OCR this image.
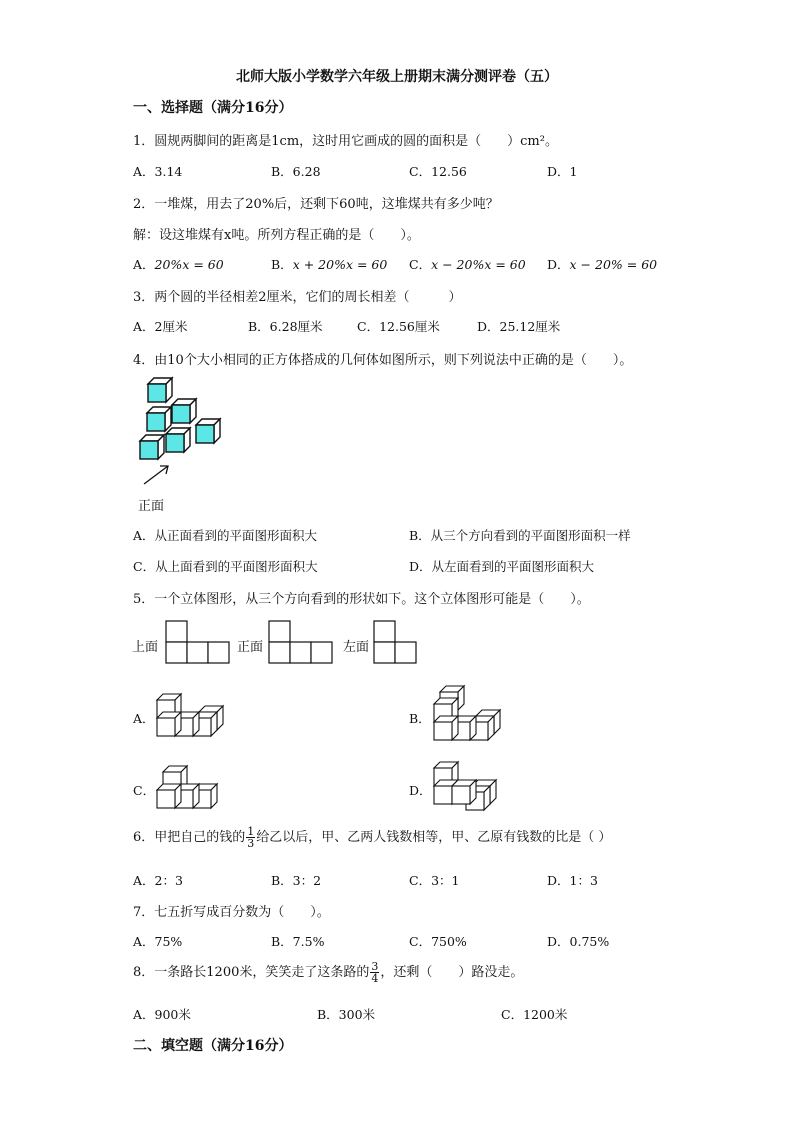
北师大版小学数学六年级上册期末满分测评卷（五）
一、选择题（满分16分）
1．圆规两脚间的距离是1cm，这时用它画成的圆的面积是（　　）cm²。
A．3.14	B．6.28	C．12.56	D．1
2．一堆煤，用去了20%后，还剩下60吨，这堆煤共有多少吨？
解：设这堆煤有x吨。所列方程正确的是（　　）。
A．20%x = 60	B．x + 20%x = 60 C．x − 20%x = 60 D．x − 20% = 60
3．两个圆的半径相差2厘米，它们的周长相差（　　　）
A．2厘米	B．6.28厘米	C．12.56厘米	D．25.12厘米
4．由10个大小相同的正方体搭成的几何体如图所示，则下列说法中正确的是（　　）。
正面
A．从正面看到的平面图形面积大	B．从三个方向看到的平面图形面积一样
C．从上面看到的平面图形面积大	D．从左面看到的平面图形面积大
5．一个立体图形，从三个方向看到的形状如下。这个立体图形可能是（　　）。
上面	正面	左面
A．	B．
C．	D．
6．甲把自己的钱的 $\frac{1}{3}$ 给乙以后，甲、乙两人钱数相等，甲、乙原有钱数的比是（ ）
A．2：3	B．3：2	C．3：1	D．1：3
7．七五折写成百分数为（　　）。
A．75%	B．7.5%	C．750%	D．0.75%
8．一条路长1200米，笑笑走了这条路的 $\frac{3}{4}$ ，还剩（　　）路没走。
A．900米	B．300米	C．1200米
二、填空题（满分16分）
